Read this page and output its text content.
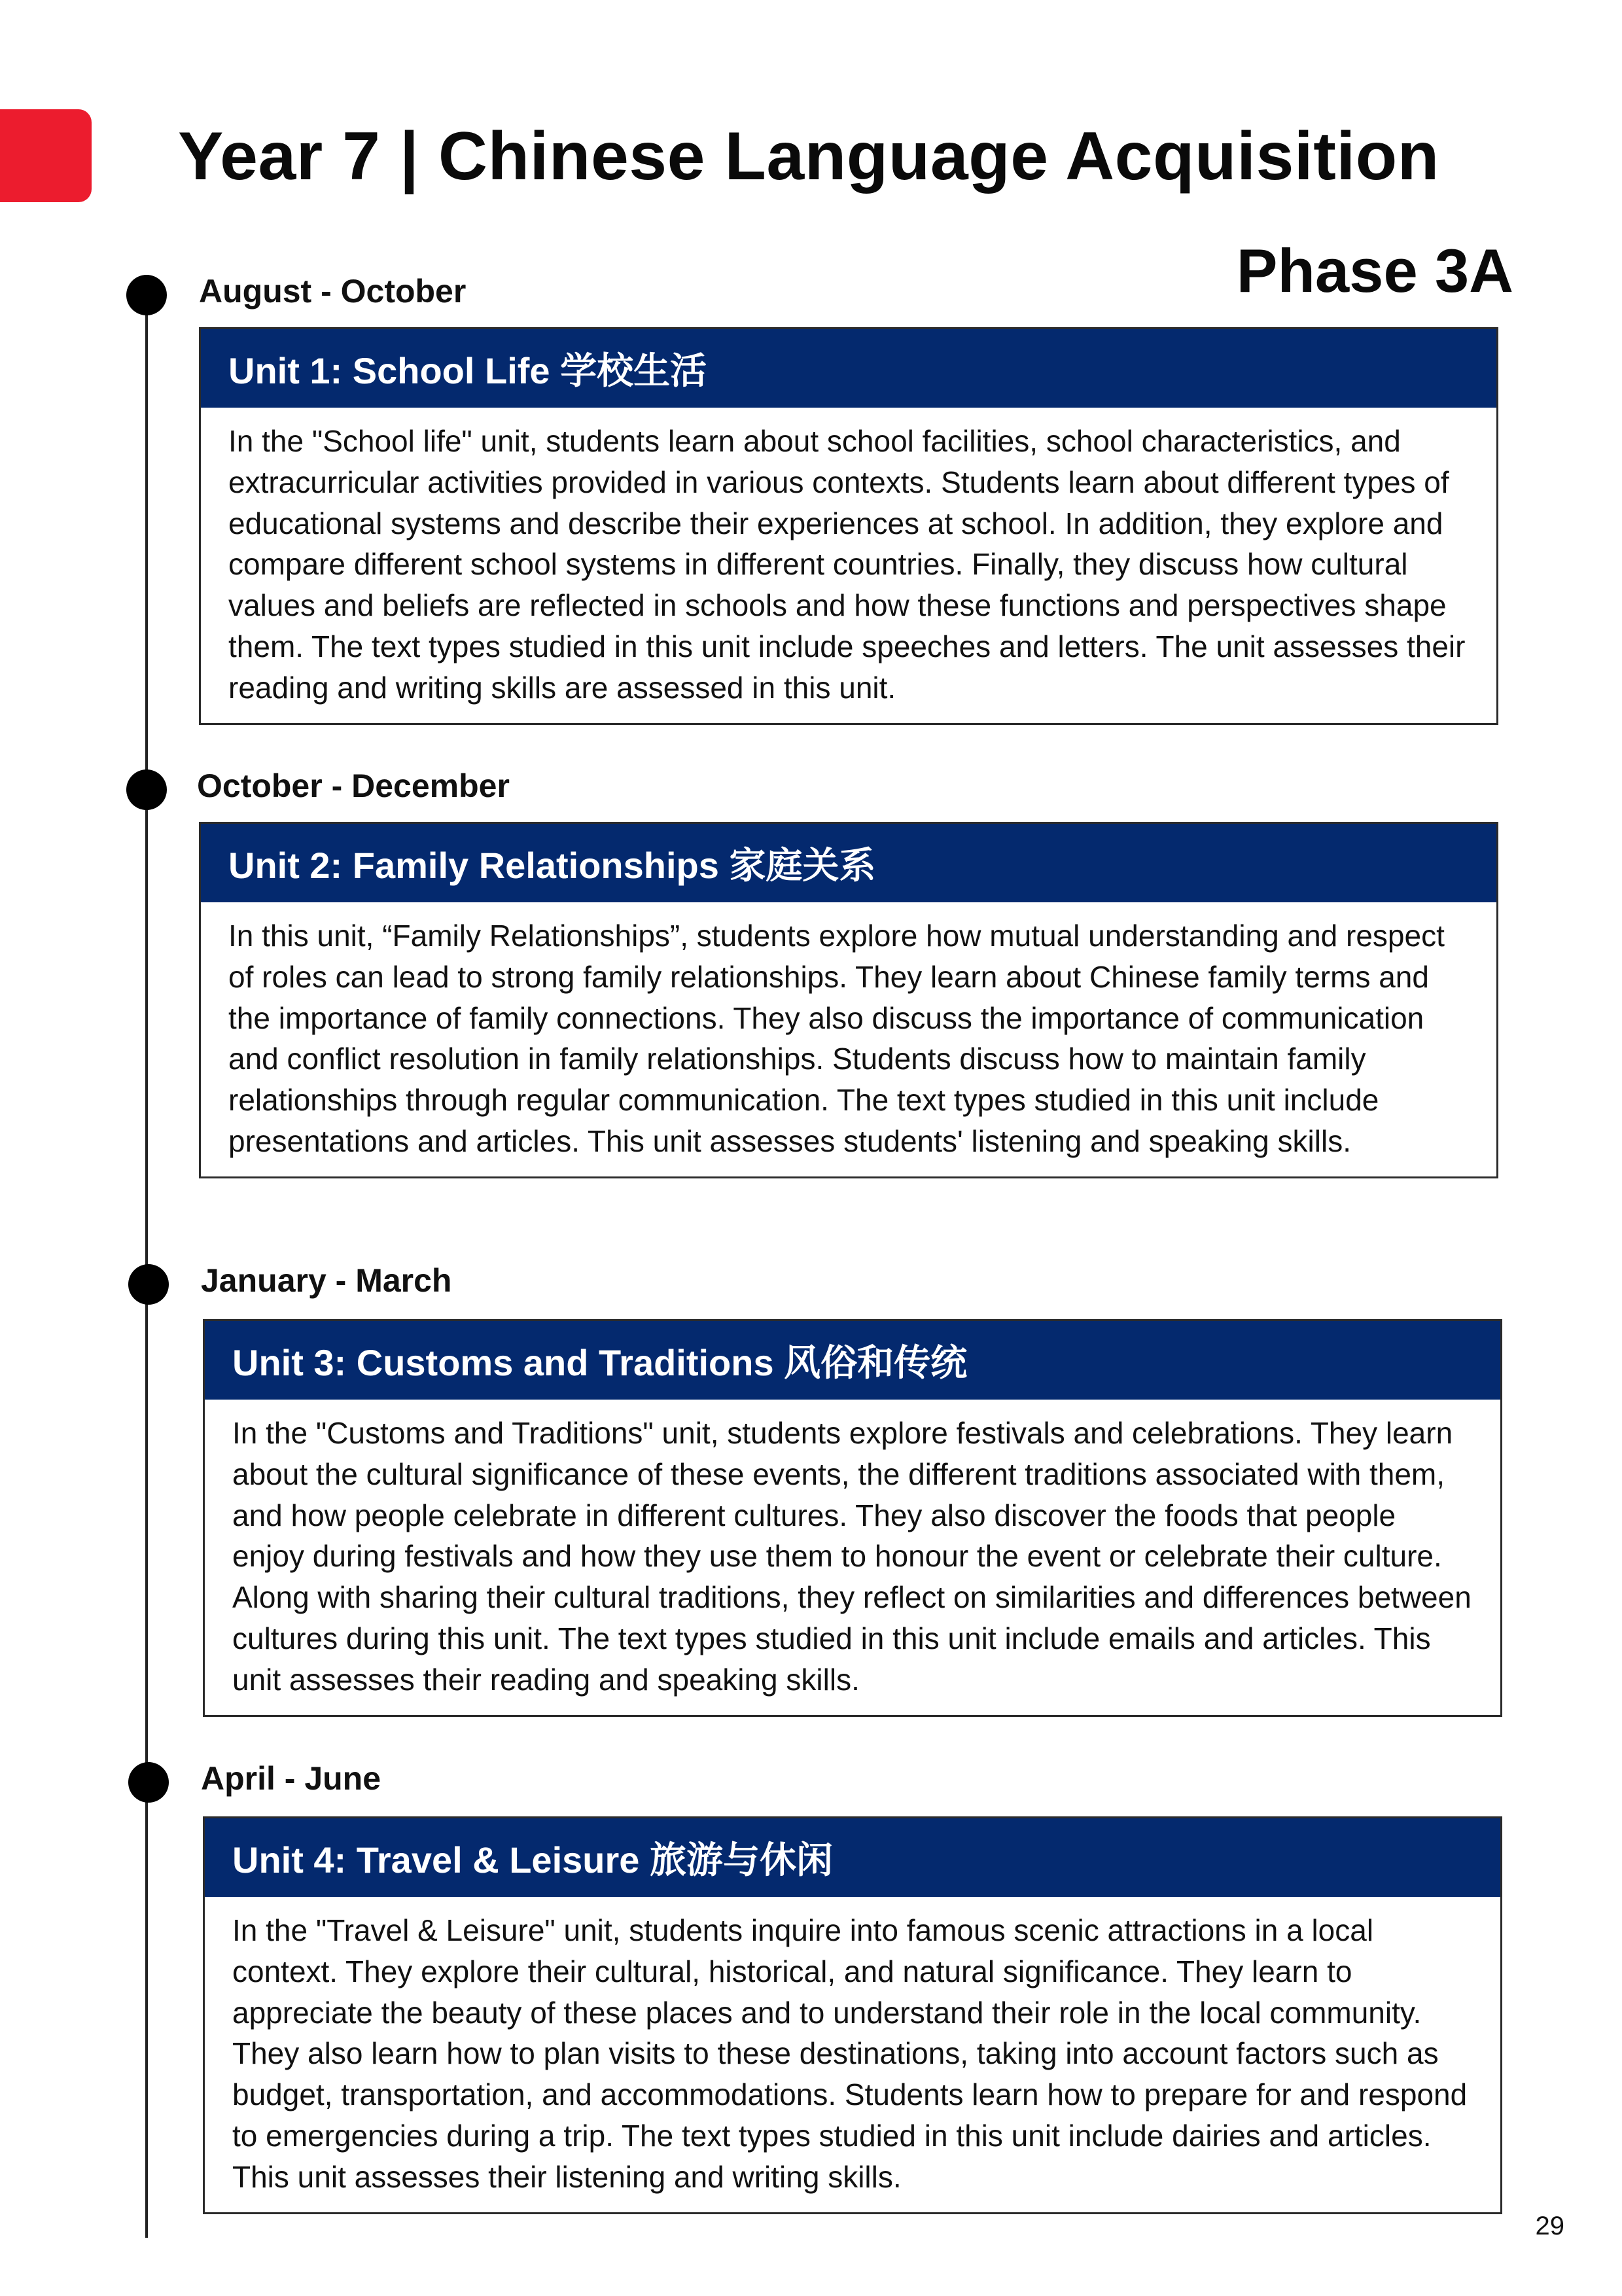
Year 7 | Chinese Language Acquisition
Phase 3A
August - October
Unit 1: School Life 学校生活
In the "School life" unit, students learn about school facilities, school characteristics, and extracurricular activities provided in various contexts. Students learn about different types of educational systems and describe their experiences at school. In addition, they explore and compare different school systems in different countries. Finally, they discuss how cultural values and beliefs are reflected in schools and how these functions and perspectives shape them. The text types studied in this unit include speeches and letters. The unit assesses their reading and writing skills are assessed in this unit.
October - December
Unit 2: Family Relationships 家庭关系
In this unit, “Family Relationships”, students explore how mutual understanding and respect of roles can lead to strong family relationships. They learn about Chinese family terms and the importance of family connections. They also discuss the importance of communication and conflict resolution in family relationships. Students discuss how to maintain family relationships through regular communication. The text types studied in this unit include presentations and articles. This unit assesses students' listening and speaking skills.
January - March
Unit 3: Customs and Traditions 风俗和传统
In the "Customs and Traditions" unit, students explore festivals and celebrations. They learn about the cultural significance of these events, the different traditions associated with them, and how people celebrate in different cultures. They also discover the foods that people enjoy during festivals and how they use them to honour the event or celebrate their culture. Along with sharing their cultural traditions, they reflect on similarities and differences between cultures during this unit. The text types studied in this unit include emails and articles. This unit assesses their reading and speaking skills.
April - June
Unit 4: Travel & Leisure 旅游与休闲
In the "Travel & Leisure" unit, students inquire into famous scenic attractions in a local context. They explore their cultural, historical, and natural significance. They learn to appreciate the beauty of these places and to understand their role in the local community. They also learn how to plan visits to these destinations, taking into account factors such as budget, transportation, and accommodations. Students learn how to prepare for and respond to emergencies during a trip. The text types studied in this unit include dairies and articles. This unit assesses their listening and writing skills.
29
